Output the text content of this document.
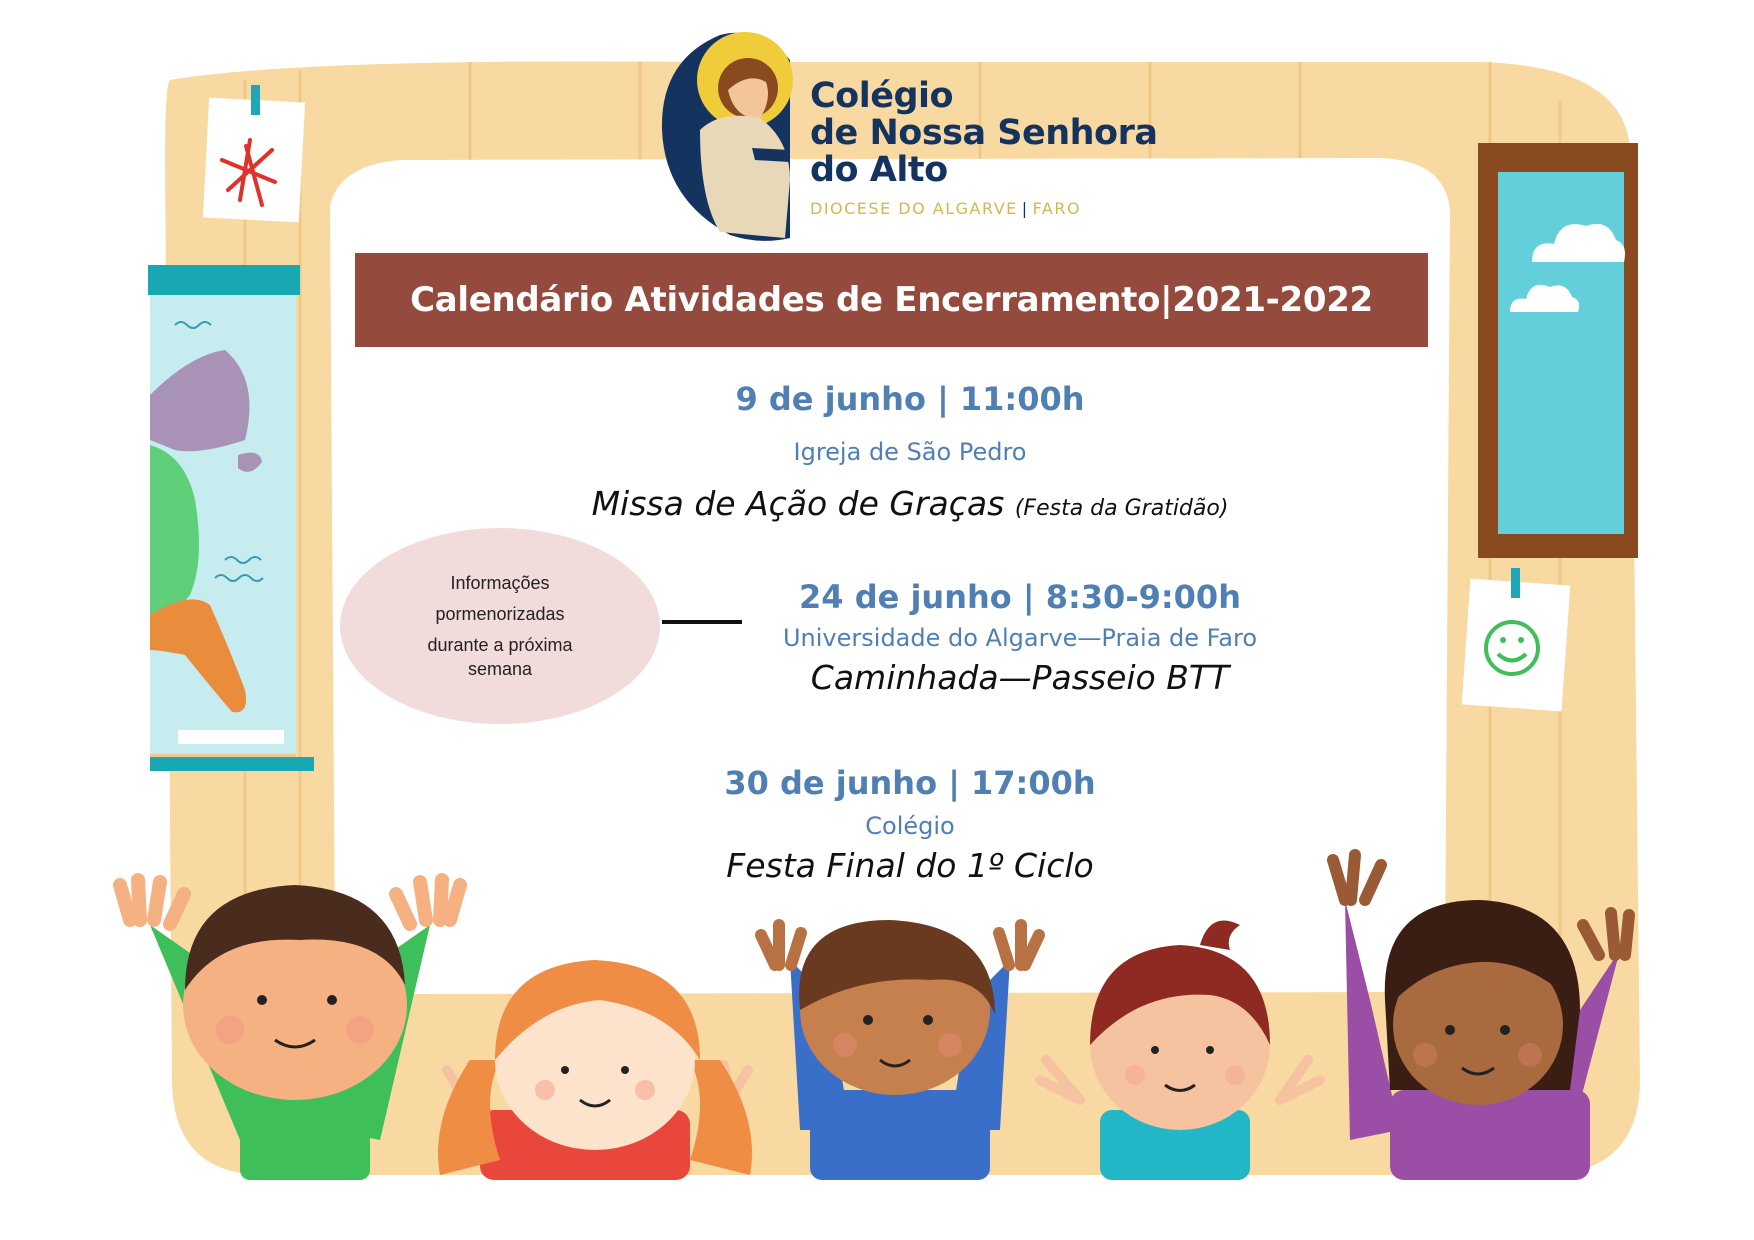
Colégio
de Nossa Senhora
do Alto
DIOCESE DO ALGARVE | FARO
Calendário Atividades de Encerramento|2021-2022
9 de junho | 11:00h
Igreja de São Pedro
Missa de Ação de Graças (Festa da Gratidão)
Informações
pormenorizadas
durante a próxima
semana
24 de junho | 8:30-9:00h
Universidade do Algarve—Praia de Faro
Caminhada—Passeio BTT
30 de junho | 17:00h
Colégio
Festa Final do 1º Ciclo
